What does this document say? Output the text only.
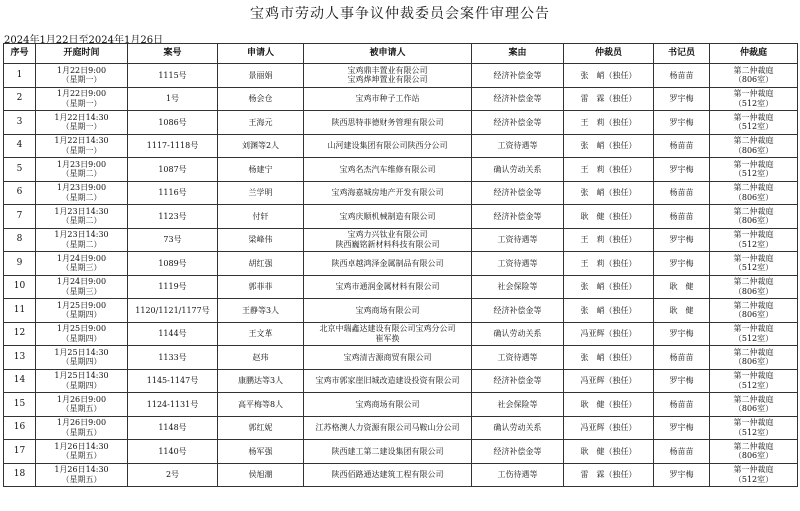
宝鸡市劳动人事争议仲裁委员会案件审理公告
2024年1月22日至2024年1月26日
序号	开庭时间	案号	申请人	被申请人	案由	仲裁员	书记员	仲裁庭
1	1月22日9:00
（星期一）	1115号	景丽娟	宝鸡鼎丰置业有限公司
宝鸡烨坤置业有限公司	经济补偿金等	张　峭（独任）	杨苗苗	第二仲裁庭
（806室）

2	1月22日9:00
（星期一）	1号	杨会仓	宝鸡市种子工作站	经济补偿金等	雷　霖（独任）	罗宇梅	第一仲裁庭
（512室）

3	1月22日14:30
（星期一）	1086号	王海元	陕西思特菲德财务管理有限公司	经济补偿金等	王　莉（独任）	罗宇梅	第一仲裁庭
（512室）

4	1月22日14:30
（星期一）	1117-1118号	刘渊等2人	山河建设集团有限公司陕西分公司	工资待遇等	张　峭（独任）	杨苗苗	第二仲裁庭
（806室）

5	1月23日9:00
（星期二）	1087号	杨建宁	宝鸡名杰汽车维修有限公司	确认劳动关系	王　莉（独任）	罗宇梅	第一仲裁庭
（512室）

6	1月23日9:00
（星期二）	1116号	兰学明	宝鸡海嘉城房地产开发有限公司	经济补偿金等	张　峭（独任）	杨苗苗	第二仲裁庭
（806室）

7	1月23日14:30
（星期二）	1123号	付轩	宝鸡庆顺机械制造有限公司	经济补偿金等	耿　健（独任）	杨苗苗	第二仲裁庭
（806室）

8	1月23日14:30
（星期二）	73号	梁峰伟	宝鸡力兴钛业有限公司
陕西巍铭新材料科技有限公司	工资待遇等	王　莉（独任）	罗宇梅	第一仲裁庭
（512室）

9	1月24日9:00
（星期三）	1089号	胡红强	陕西卓越鸿泽金属制品有限公司	工资待遇等	王　莉（独任）	罗宇梅	第一仲裁庭
（512室）

10	1月24日9:00
（星期三）	1119号	郭菲菲	宝鸡市通润金属材料有限公司	社会保险等	张　峭（独任）	耿　健	第二仲裁庭
（806室）

11	1月25日9:00
（星期四）	1120/1121/1177号	王静等3人	宝鸡商场有限公司	经济补偿金等	张　峭（独任）	耿　健	第二仲裁庭
（806室）

12	1月25日9:00
（星期四）	1144号	王文革	北京中瑞鑫达建设有限公司宝鸡分公司
崔军换	确认劳动关系	冯亚辉（独任）	罗宇梅	第一仲裁庭
（512室）

13	1月25日14:30
（星期四）	1133号	赵玮	宝鸡清吉源商贸有限公司	工资待遇等	张　峭（独任）	杨苗苗	第二仲裁庭
（806室）

14	1月25日14:30
（星期四）	1145-1147号	康鹏达等3人	宝鸡市郭家崖旧城改造建设投资有限公司	经济补偿金等	冯亚辉（独任）	罗宇梅	第一仲裁庭
（512室）

15	1月26日9:00
（星期五）	1124-1131号	高平梅等8人	宝鸡商场有限公司	社会保险等	耿　健（独任）	杨苗苗	第二仲裁庭
（806室）

16	1月26日9:00
（星期五）	1148号	郭红妮	江苏格澳人力资源有限公司马鞍山分公司	确认劳动关系	冯亚辉（独任）	罗宇梅	第一仲裁庭
（512室）

17	1月26日14:30
（星期五）	1140号	杨军强	陕西建工第二建设集团有限公司	经济补偿金等	耿　健（独任）	杨苗苗	第二仲裁庭
（806室）

18	1月26日14:30
（星期五）	2号	侯旭潮	陕西佰路通达建筑工程有限公司	工伤待遇等	雷　霖（独任）	罗宇梅	第一仲裁庭
（512室）
